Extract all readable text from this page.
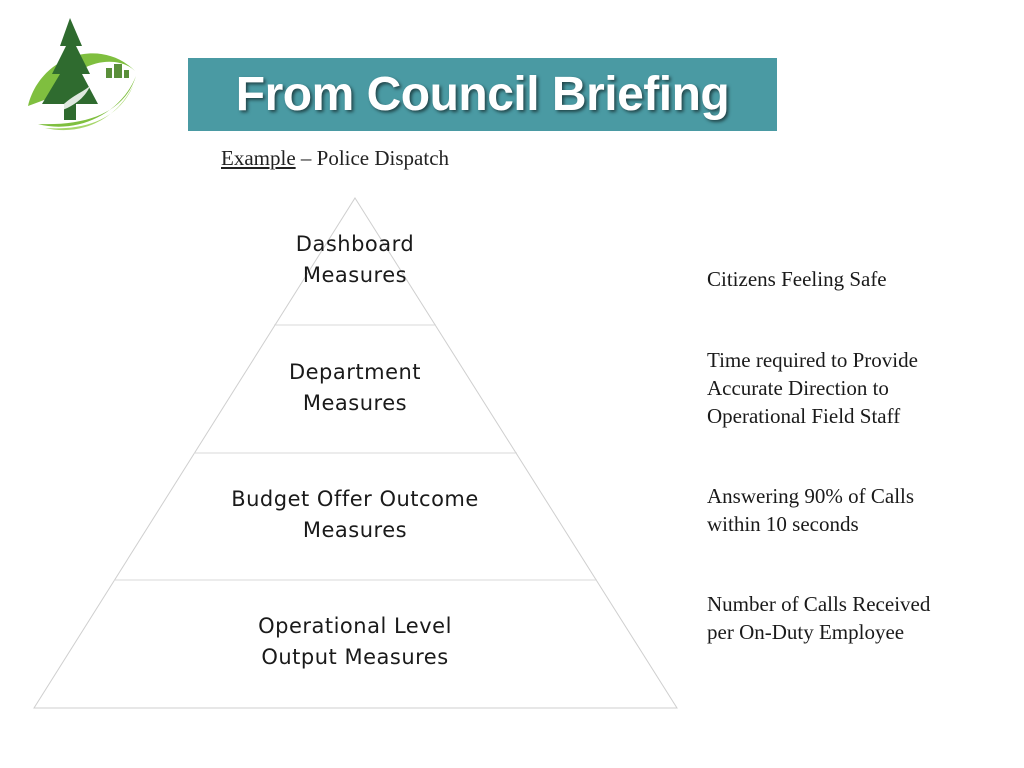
From Council Briefing
Example – Police Dispatch
Dashboard
Measures
Department
Measures
Budget Offer Outcome
Measures
Operational Level
Output Measures
Citizens Feeling Safe
Time required to Provide
Accurate Direction to
Operational Field Staff
Answering 90% of Calls
within 10 seconds
Number of Calls Received
per On-Duty Employee
